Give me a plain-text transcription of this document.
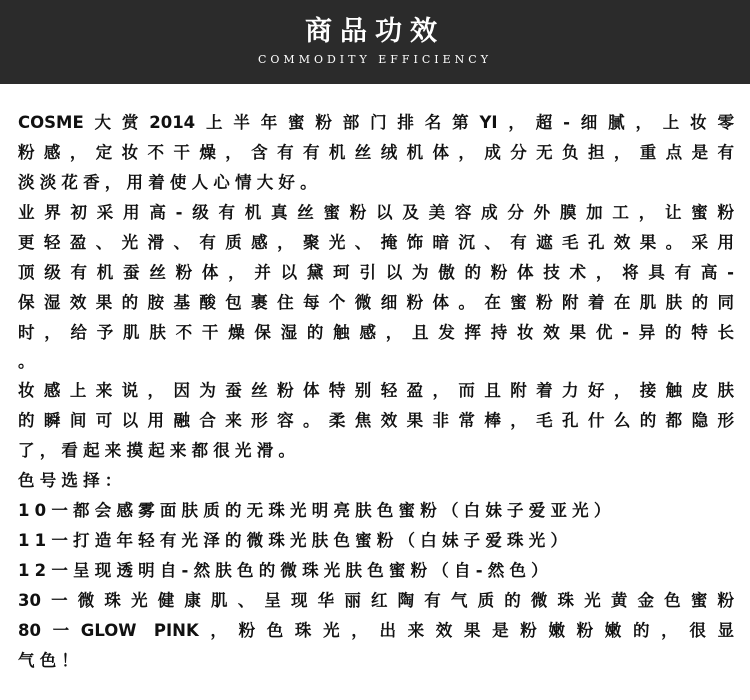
商品功效
COMMODITY EFFICIENCY
COSME大赏2014上半年蜜粉部门排名第YI，超-细腻，上妆零
粉感，定妆不干燥，含有有机丝绒机体，成分无负担，重点是有
淡淡花香，用着使人心情大好。
业界初采用高-级有机真丝蜜粉以及美容成分外膜加工，让蜜粉
更轻盈、光滑、有质感，聚光、掩饰暗沉、有遮毛孔效果。采用
顶级有机蚕丝粉体，并以黛珂引以为傲的粉体技术，将具有高-
保湿效果的胺基酸包裹住每个微细粉体。在蜜粉附着在肌肤的同
时，给予肌肤不干燥保湿的触感，且发挥持妆效果优-异的特长
。
妆感上来说，因为蚕丝粉体特别轻盈，而且附着力好，接触皮肤
的瞬间可以用融合来形容。柔焦效果非常棒，毛孔什么的都隐形
了，看起来摸起来都很光滑。
色号选择：
10一都会感雾面肤质的无珠光明亮肤色蜜粉（白妹子爱亚光）
11一打造年轻有光泽的微珠光肤色蜜粉（白妹子爱珠光）
12一呈现透明自-然肤色的微珠光肤色蜜粉（自-然色）
30一微珠光健康肌、呈现华丽红陶有气质的微珠光黄金色蜜粉
80一GLOW PINK，粉色珠光，出来效果是粉嫩粉嫩的，很显
气色！
